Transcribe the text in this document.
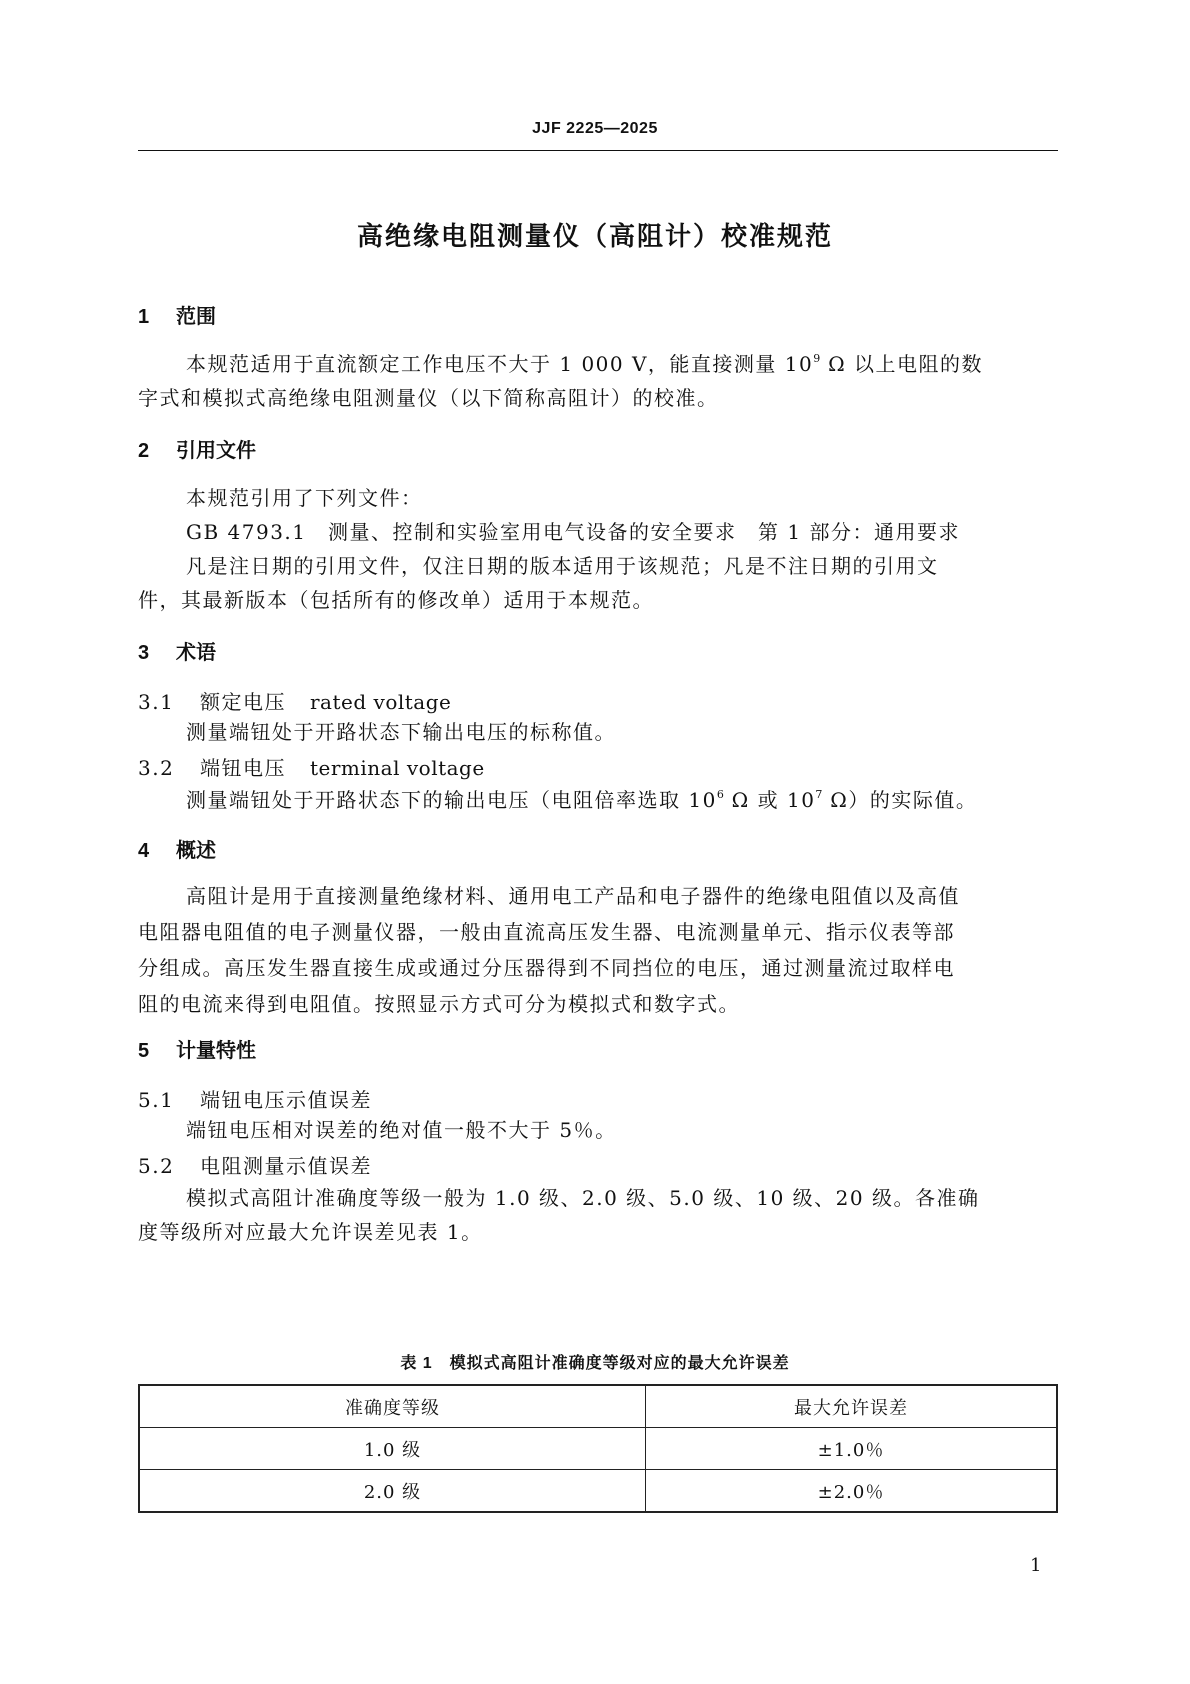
JJF 2225—2025
高绝缘电阻测量仪（高阻计）校准规范
1 范围
本规范适用于直流额定工作电压不大于 1 000 V，能直接测量 $10^9$ Ω 以上电阻的数
字式和模拟式高绝缘电阻测量仪（以下简称高阻计）的校准。
2 引用文件
本规范引用了下列文件：
GB 4793.1　测量、控制和实验室用电气设备的安全要求　第 1 部分：通用要求
凡是注日期的引用文件，仅注日期的版本适用于该规范；凡是不注日期的引用文
件，其最新版本（包括所有的修改单）适用于本规范。
3 术语
3.1 额定电压 rated voltage
测量端钮处于开路状态下输出电压的标称值。
3.2 端钮电压 terminal voltage
测量端钮处于开路状态下的输出电压（电阻倍率选取 $10^6$ Ω 或 $10^7$ Ω）的实际值。
4 概述
高阻计是用于直接测量绝缘材料、通用电工产品和电子器件的绝缘电阻值以及高值
电阻器电阻值的电子测量仪器，一般由直流高压发生器、电流测量单元、指示仪表等部
分组成。高压发生器直接生成或通过分压器得到不同挡位的电压，通过测量流过取样电
阻的电流来得到电阻值。按照显示方式可分为模拟式和数字式。
5 计量特性
5.1 端钮电压示值误差
端钮电压相对误差的绝对值一般不大于 5％。
5.2 电阻测量示值误差
模拟式高阻计准确度等级一般为 1.0 级、2.0 级、5.0 级、10 级、20 级。各准确
度等级所对应最大允许误差见表 1。
表 1　模拟式高阻计准确度等级对应的最大允许误差
准确度等级	最大允许误差
1.0 级	±1.0％
2.0 级	±2.0％
1
